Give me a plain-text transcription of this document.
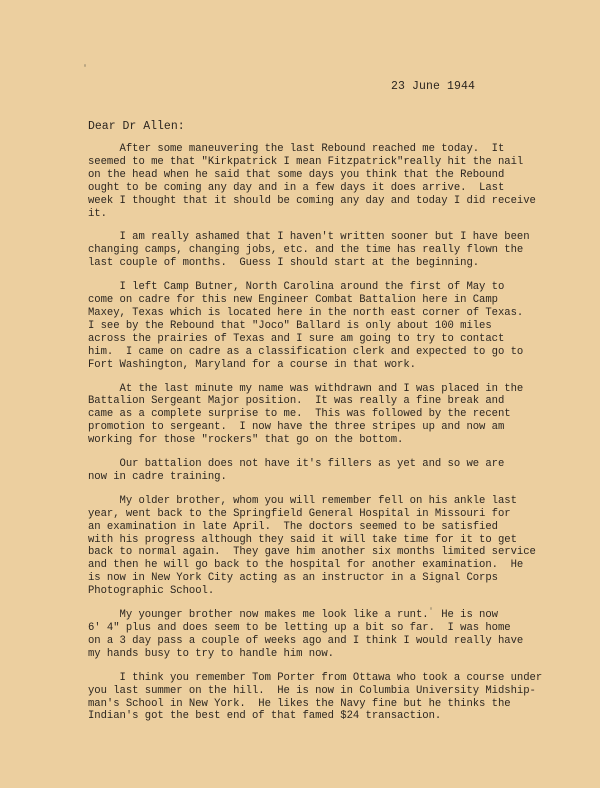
23 June 1944
Dear Dr Allen:
After some maneuvering the last Rebound reached me today.  It
seemed to me that "Kirkpatrick I mean Fitzpatrick"really hit the nail
on the head when he said that some days you think that the Rebound
ought to be coming any day and in a few days it does arrive.  Last
week I thought that it should be coming any day and today I did receive
it.
I am really ashamed that I haven't written sooner but I have been
changing camps, changing jobs, etc. and the time has really flown the
last couple of months.  Guess I should start at the beginning.
I left Camp Butner, North Carolina around the first of May to
come on cadre for this new Engineer Combat Battalion here in Camp
Maxey, Texas which is located here in the north east corner of Texas.
I see by the Rebound that "Joco" Ballard is only about 100 miles
across the prairies of Texas and I sure am going to try to contact
him.  I came on cadre as a classification clerk and expected to go to
Fort Washington, Maryland for a course in that work.
At the last minute my name was withdrawn and I was placed in the
Battalion Sergeant Major position.  It was really a fine break and
came as a complete surprise to me.  This was followed by the recent
promotion to sergeant.  I now have the three stripes up and now am
working for those "rockers" that go on the bottom.
Our battalion does not have it's fillers as yet and so we are
now in cadre training.
My older brother, whom you will remember fell on his ankle last
year, went back to the Springfield General Hospital in Missouri for
an examination in late April.  The doctors seemed to be satisfied
with his progress although they said it will take time for it to get
back to normal again.  They gave him another six months limited service
and then he will go back to the hospital for another examination.  He
is now in New York City acting as an instructor in a Signal Corps
Photographic School.
My younger brother now makes me look like a runt.  He is now
6' 4" plus and does seem to be letting up a bit so far.  I was home
on a 3 day pass a couple of weeks ago and I think I would really have
my hands busy to try to handle him now.
I think you remember Tom Porter from Ottawa who took a course under
you last summer on the hill.  He is now in Columbia University Midship-
man's School in New York.  He likes the Navy fine but he thinks the
Indian's got the best end of that famed $24 transaction.
